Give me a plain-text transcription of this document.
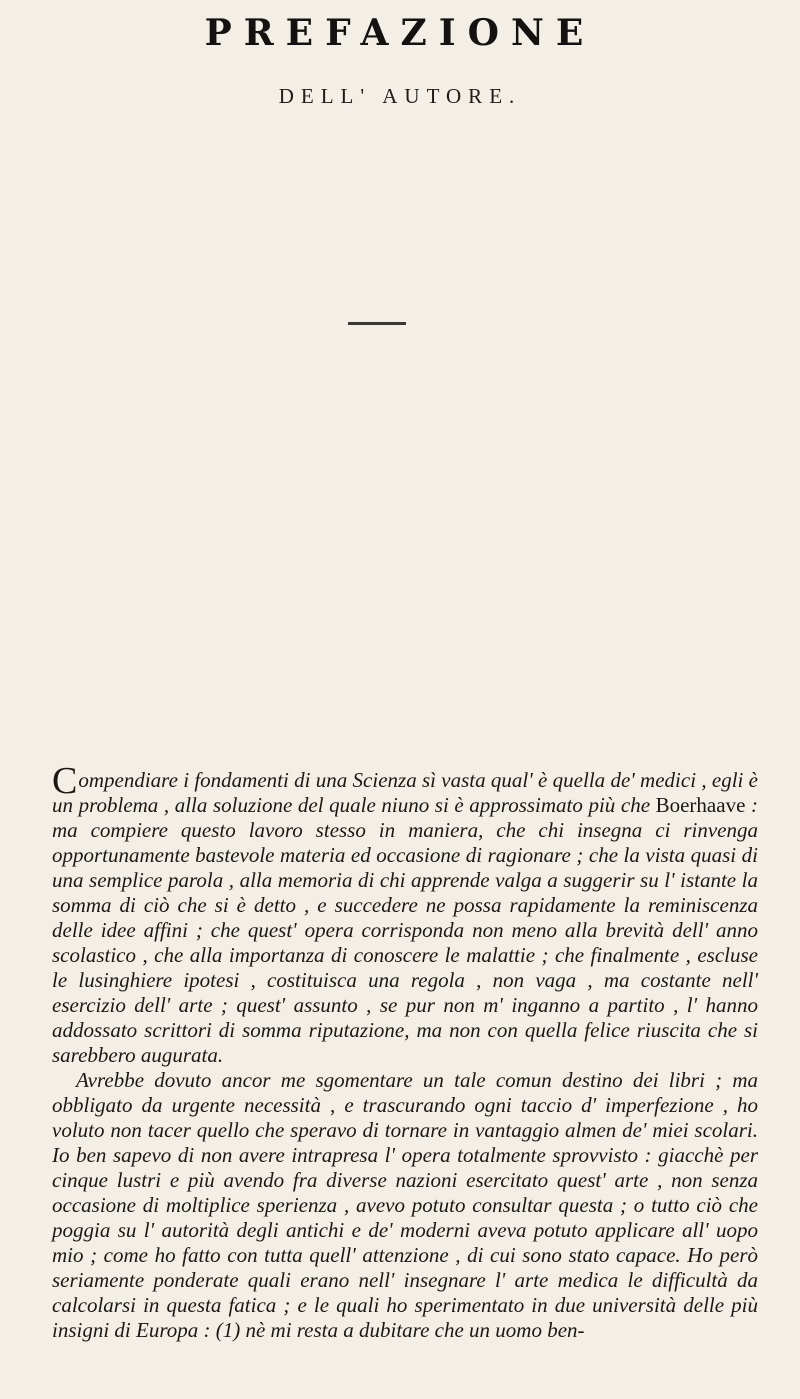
PREFAZIONE
DELL' AUTORE.

Compendiare i fondamenti di una Scienza sì vasta qual' è quella de' medici , egli è un problema , alla soluzione del quale niuno si è approssimato più che Boerhaave : ma compiere questo lavoro stesso in maniera, che chi insegna ci rinvenga opportunamente bastevole materia ed occasione di ragionare ; che la vista quasi di una semplice parola , alla memoria di chi apprende valga a suggerir su l' istante la somma di ciò che si è detto , e succedere ne possa rapidamente la reminiscenza delle idee affini ; che quest' opera corrisponda non meno alla brevità dell' anno scolastico , che alla importanza di conoscere le malattie ; che finalmente , escluse le lusinghiere ipotesi , costituisca una regola , non vaga , ma costante nell' esercizio dell' arte ; quest' assunto , se pur non m' inganno a partito , l' hanno addossato scrittori di somma riputazione, ma non con quella felice riuscita che si sarebbero augurata.

Avrebbe dovuto ancor me sgomentare un tale comun destino dei libri ; ma obbligato da urgente necessità , e trascurando ogni taccio d' imperfezione , ho voluto non tacer quello che speravo di tornare in vantaggio almen de' miei scolari. Io ben sapevo di non avere intrapresa l' opera totalmente sprovvisto : giacchè per cinque lustri e più avendo fra diverse nazioni esercitato quest' arte , non senza occasione di moltiplice sperienza , avevo potuto consultar questa ; o tutto ciò che poggia su l' autorità degli antichi e de' moderni aveva potuto applicare all' uopo mio ; come ho fatto con tutta quell' attenzione , di cui sono stato capace. Ho però seriamente ponderate quali erano nell' insegnare l' arte medica le difficultà da calcolarsi in questa fatica ; e le quali ho sperimentato in due università delle più insigni di Europa : (1) nè mi resta a dubitare che un uomo ben-
